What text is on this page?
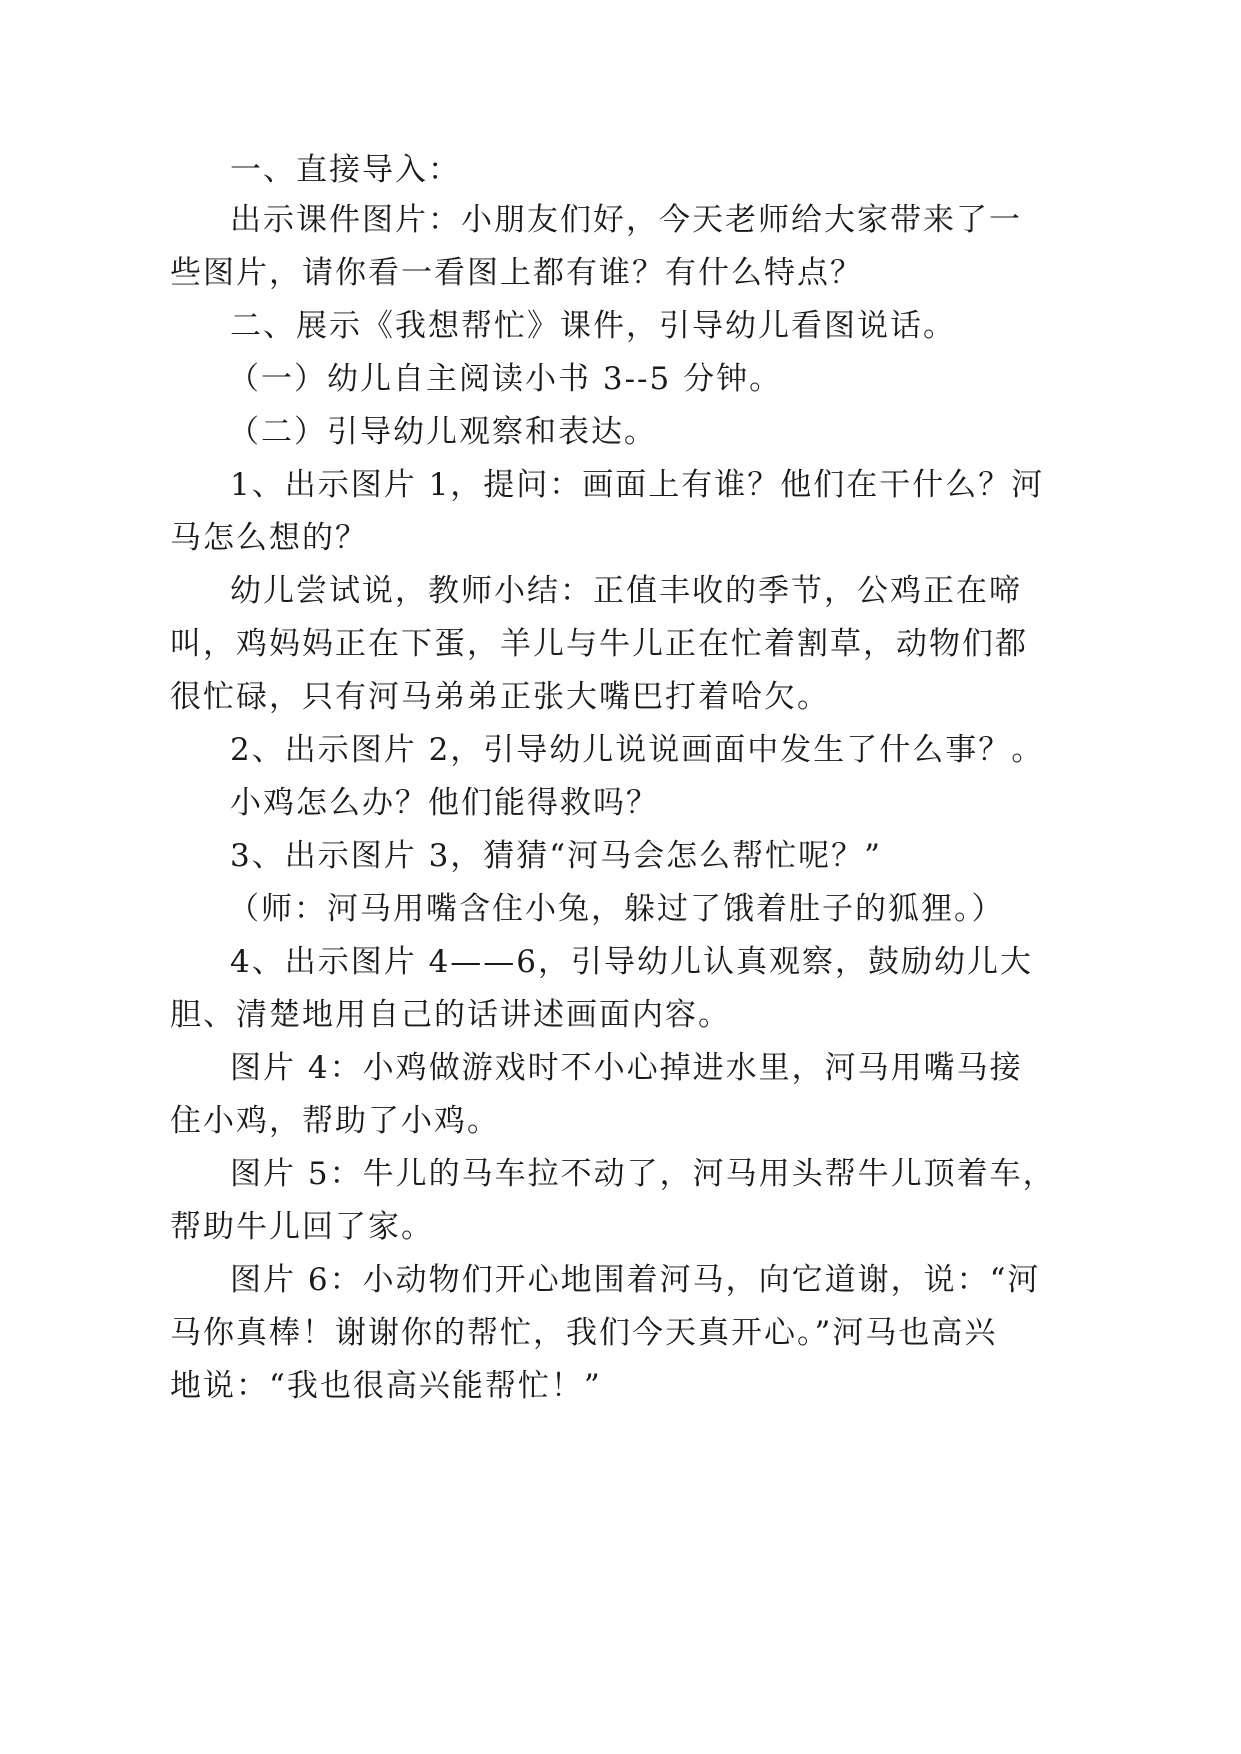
一、直接导入：
出示课件图片：小朋友们好，今天老师给大家带来了一
些图片，请你看一看图上都有谁？有什么特点？
二、展示《我想帮忙》课件，引导幼儿看图说话。
（一）幼儿自主阅读小书 3--5 分钟。
（二）引导幼儿观察和表达。
1、出示图片 1，提问：画面上有谁？他们在干什么？河
马怎么想的？
幼儿尝试说，教师小结：正值丰收的季节，公鸡正在啼
叫，鸡妈妈正在下蛋，羊儿与牛儿正在忙着割草，动物们都
很忙碌，只有河马弟弟正张大嘴巴打着哈欠。
2、出示图片 2，引导幼儿说说画面中发生了什么事？。
小鸡怎么办？他们能得救吗？
3、出示图片 3，猜猜“河马会怎么帮忙呢？”
（师：河马用嘴含住小兔，躲过了饿着肚子的狐狸。）
4、出示图片 4——6，引导幼儿认真观察，鼓励幼儿大
胆、清楚地用自己的话讲述画面内容。
图片 4：小鸡做游戏时不小心掉进水里，河马用嘴马接
住小鸡，帮助了小鸡。
图片 5：牛儿的马车拉不动了，河马用头帮牛儿顶着车，
帮助牛儿回了家。
图片 6：小动物们开心地围着河马，向它道谢，说：“河
马你真棒！谢谢你的帮忙，我们今天真开心。”河马也高兴
地说：“我也很高兴能帮忙！”
